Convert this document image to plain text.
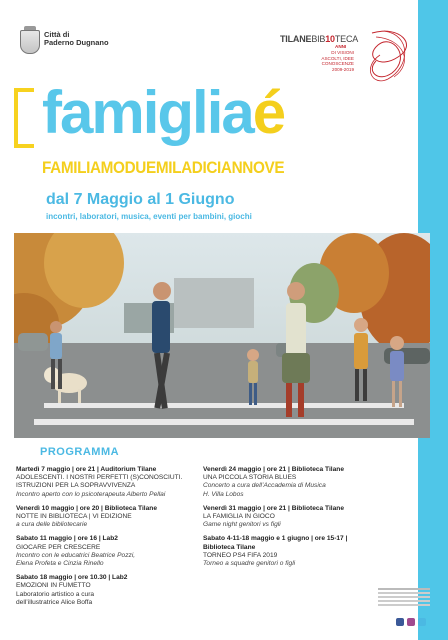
Città di
Paderno Dugnano	TILANEBIB10TECA
ANNI
DI VISIONI
ASCOLTI, IDEE
CONOSCENZE
2009-2019
famigliaé
FAMILIAMODUEMILADICIANNOVE
dal 7 Maggio al 1 Giugno
incontri, laboratori, musica, eventi per bambini, giochi
PROGRAMMA
Martedì 7 maggio | ore 21 | Auditorium Tilane
ADOLESCENTI. I NOSTRI PERFETTI (S)CONOSCIUTI.
ISTRUZIONI PER LA SOPRAVVIVENZA
Incontro aperto con lo psicoterapeuta Alberto Pellai
Venerdì 10 maggio | ore 20 | Biblioteca Tilane
NOTTE IN BIBLIOTECA | VI EDIZIONE
a cura delle bibliotecarie
Sabato 11 maggio | ore 16 | Lab2
GIOCARE PER CRESCERE
Incontro con le educatrici Beatrice Pozzi,
Elena Profeta e Cinzia Rinello
Sabato 18 maggio | ore 10.30 | Lab2
EMOZIONI IN FUMETTO
Laboratorio artistico a cura
dell’illustratrice Alice Boffa
Venerdì 24 maggio | ore 21 | Biblioteca Tilane
UNA PICCOLA STORIA BLUES
Concerto a cura dell’Accademia di Musica
H. Villa Lobos
Venerdì 31 maggio | ore 21 | Biblioteca Tilane
LA FAMIGLIA IN GIOCO
Game night genitori vs figli
Sabato 4-11-18 maggio e 1 giugno | ore 15-17 | Biblioteca Tilane
TORNEO PS4 FIFA 2019
Torneo a squadre genitori o figli
